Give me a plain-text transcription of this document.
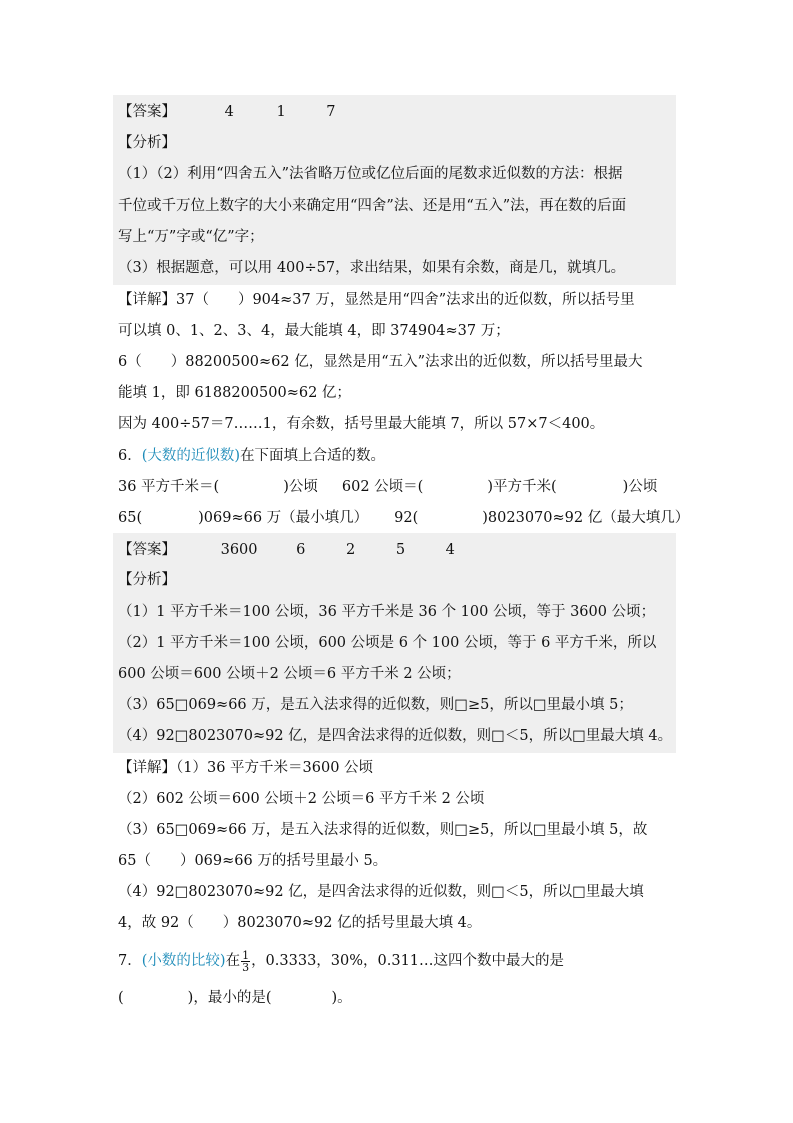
【答案】	4	1	7
【分析】
（1）（2）利用“四舍五入”法省略万位或亿位后面的尾数求近似数的方法：根据
千位或千万位上数字的大小来确定用“四舍”法、还是用“五入”法，再在数的后面
写上“万”字或“亿”字；
（3）根据题意，可以用 400÷57，求出结果，如果有余数，商是几，就填几。
【详解】37（　　）904≈37 万，显然是用“四舍”法求出的近似数，所以括号里
可以填 0、1、2、3、4，最大能填 4，即 374904≈37 万；
6（　　）88200500≈62 亿，显然是用“五入”法求出的近似数，所以括号里最大
能填 1，即 6188200500≈62 亿；
因为 400÷57＝7……1，有余数，括号里最大能填 7，所以 57×7＜400。
6．(大数的近似数)在下面填上合适的数。
36 平方千米＝(	)公顷 602 公顷＝(	)平方千米(	)公顷
65(	)069≈66 万（最小填几） 92(	)8023070≈92 亿（最大填几）
【答案】	3600	6	2	5	4
【分析】
（1）1 平方千米＝100 公顷，36 平方千米是 36 个 100 公顷，等于 3600 公顷；
（2）1 平方千米＝100 公顷，600 公顷是 6 个 100 公顷，等于 6 平方千米，所以
600 公顷＝600 公顷＋2 公顷＝6 平方千米 2 公顷；
（3）65□069≈66 万，是五入法求得的近似数，则□≥5，所以□里最小填 5；
（4）92□8023070≈92 亿，是四舍法求得的近似数，则□＜5，所以□里最大填 4。
【详解】（1）36 平方千米＝3600 公顷
（2）602 公顷＝600 公顷＋2 公顷＝6 平方千米 2 公顷
（3）65□069≈66 万，是五入法求得的近似数，则□≥5，所以□里最小填 5，故
65（　　）069≈66 万的括号里最小 5。
（4）92□8023070≈92 亿，是四舍法求得的近似数，则□＜5，所以□里最大填
4，故 92（　　）8023070≈92 亿的括号里最大填 4。
7．(小数的比较)在 $\frac{1}{3}$ ，0.3333，30%，0.311…这四个数中最大的是
(	)，最小的是(	)。
